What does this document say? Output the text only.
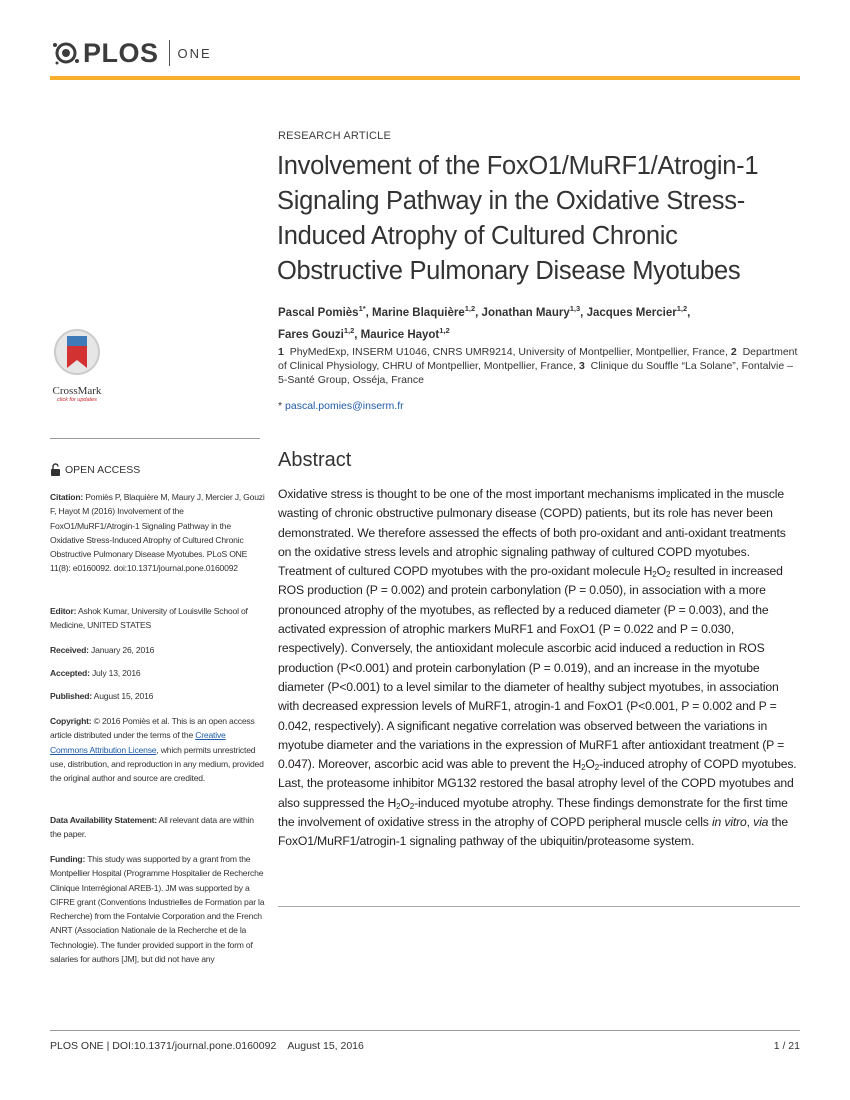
PLOS ONE
RESEARCH ARTICLE
Involvement of the FoxO1/MuRF1/Atrogin-1 Signaling Pathway in the Oxidative Stress-Induced Atrophy of Cultured Chronic Obstructive Pulmonary Disease Myotubes
Pascal Pomiès$^{1*}$, Marine Blaquière$^{1,2}$, Jonathan Maury$^{1,3}$, Jacques Mercier$^{1,2}$,
Fares Gouzi$^{1,2}$, Maurice Hayot$^{1,2}$
1 PhyMedExp, INSERM U1046, CNRS UMR9214, University of Montpellier, Montpellier, France, 2 Department of Clinical Physiology, CHRU of Montpellier, Montpellier, France, 3 Clinique du Souffle “La Solane”, Fontalvie – 5-Santé Group, Osséja, France
* pascal.pomies@inserm.fr
CrossMark
click for updates
OPEN ACCESS
Citation: Pomiès P, Blaquière M, Maury J, Mercier J, Gouzi F, Hayot M (2016) Involvement of the FoxO1/MuRF1/Atrogin-1 Signaling Pathway in the Oxidative Stress-Induced Atrophy of Cultured Chronic Obstructive Pulmonary Disease Myotubes. PLoS ONE 11(8): e0160092. doi:10.1371/journal.pone.0160092
Editor: Ashok Kumar, University of Louisville School of Medicine, UNITED STATES
Received: January 26, 2016
Accepted: July 13, 2016
Published: August 15, 2016
Copyright: © 2016 Pomiès et al. This is an open access article distributed under the terms of the Creative Commons Attribution License, which permits unrestricted use, distribution, and reproduction in any medium, provided the original author and source are credited.
Data Availability Statement: All relevant data are within the paper.
Funding: This study was supported by a grant from the Montpellier Hospital (Programme Hospitalier de Recherche Clinique Interrégional AREB-1). JM was supported by a CIFRE grant (Conventions Industrielles de Formation par la Recherche) from the Fontalvie Corporation and the French ANRT (Association Nationale de la Recherche et de la Technologie). The funder provided support in the form of salaries for authors [JM], but did not have any
Abstract
Oxidative stress is thought to be one of the most important mechanisms implicated in the muscle wasting of chronic obstructive pulmonary disease (COPD) patients, but its role has never been demonstrated. We therefore assessed the effects of both pro-oxidant and anti-oxidant treatments on the oxidative stress levels and atrophic signaling pathway of cultured COPD myotubes. Treatment of cultured COPD myotubes with the pro-oxidant molecule $H_2O_2$ resulted in increased ROS production (P = 0.002) and protein carbonylation (P = 0.050), in association with a more pronounced atrophy of the myotubes, as reflected by a reduced diameter (P = 0.003), and the activated expression of atrophic markers MuRF1 and FoxO1 (P = 0.022 and P = 0.030, respectively). Conversely, the antioxidant molecule ascorbic acid induced a reduction in ROS production (P<0.001) and protein carbonylation (P = 0.019), and an increase in the myotube diameter (P<0.001) to a level similar to the diameter of healthy subject myotubes, in association with decreased expression levels of MuRF1, atrogin-1 and FoxO1 (P<0.001, P = 0.002 and P = 0.042, respectively). A significant negative correlation was observed between the variations in myotube diameter and the variations in the expression of MuRF1 after antioxidant treatment (P = 0.047). Moreover, ascorbic acid was able to prevent the $H_2O_2$-induced atrophy of COPD myotubes. Last, the proteasome inhibitor MG132 restored the basal atrophy level of the COPD myotubes and also suppressed the $H_2O_2$-induced myotube atrophy. These findings demonstrate for the first time the involvement of oxidative stress in the atrophy of COPD peripheral muscle cells in vitro, via the FoxO1/MuRF1/atrogin-1 signaling pathway of the ubiquitin/proteasome system.
PLOS ONE | DOI:10.1371/journal.pone.0160092    August 15, 2016	1 / 21
